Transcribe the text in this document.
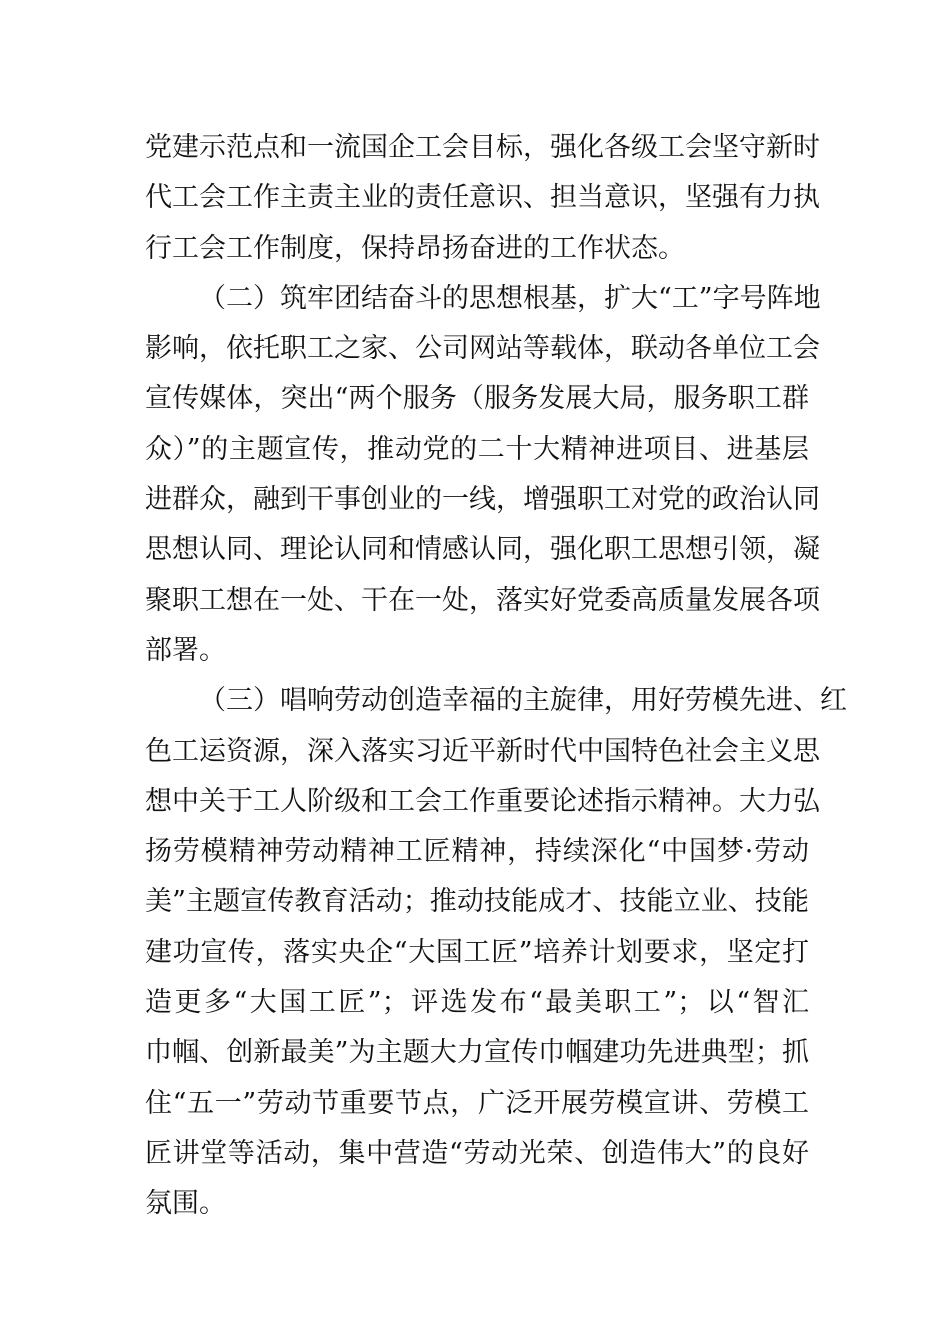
党建示范点和一流国企工会目标，强化各级工会坚守新时
代工会工作主责主业的责任意识、担当意识，坚强有力执
行工会工作制度，保持昂扬奋进的工作状态。
（二）筑牢团结奋斗的思想根基，扩大“工”字号阵地
影响，依托职工之家、公司网站等载体，联动各单位工会
宣传媒体，突出“两个服务（服务发展大局，服务职工群
众）”的主题宣传，推动党的二十大精神进项目、进基层
进群众，融到干事创业的一线，增强职工对党的政治认同
思想认同、理论认同和情感认同，强化职工思想引领，凝
聚职工想在一处、干在一处，落实好党委高质量发展各项
部署。
（三）唱响劳动创造幸福的主旋律，用好劳模先进、红
色工运资源，深入落实习近平新时代中国特色社会主义思
想中关于工人阶级和工会工作重要论述指示精神。大力弘
扬劳模精神劳动精神工匠精神，持续深化“中国梦·劳动
美”主题宣传教育活动；推动技能成才、技能立业、技能
建功宣传，落实央企“大国工匠”培养计划要求，坚定打
造更多“大国工匠”；评选发布“最美职工”；以“智汇
巾帼、创新最美”为主题大力宣传巾帼建功先进典型；抓
住“五一”劳动节重要节点，广泛开展劳模宣讲、劳模工
匠讲堂等活动，集中营造“劳动光荣、创造伟大”的良好
氛围。
